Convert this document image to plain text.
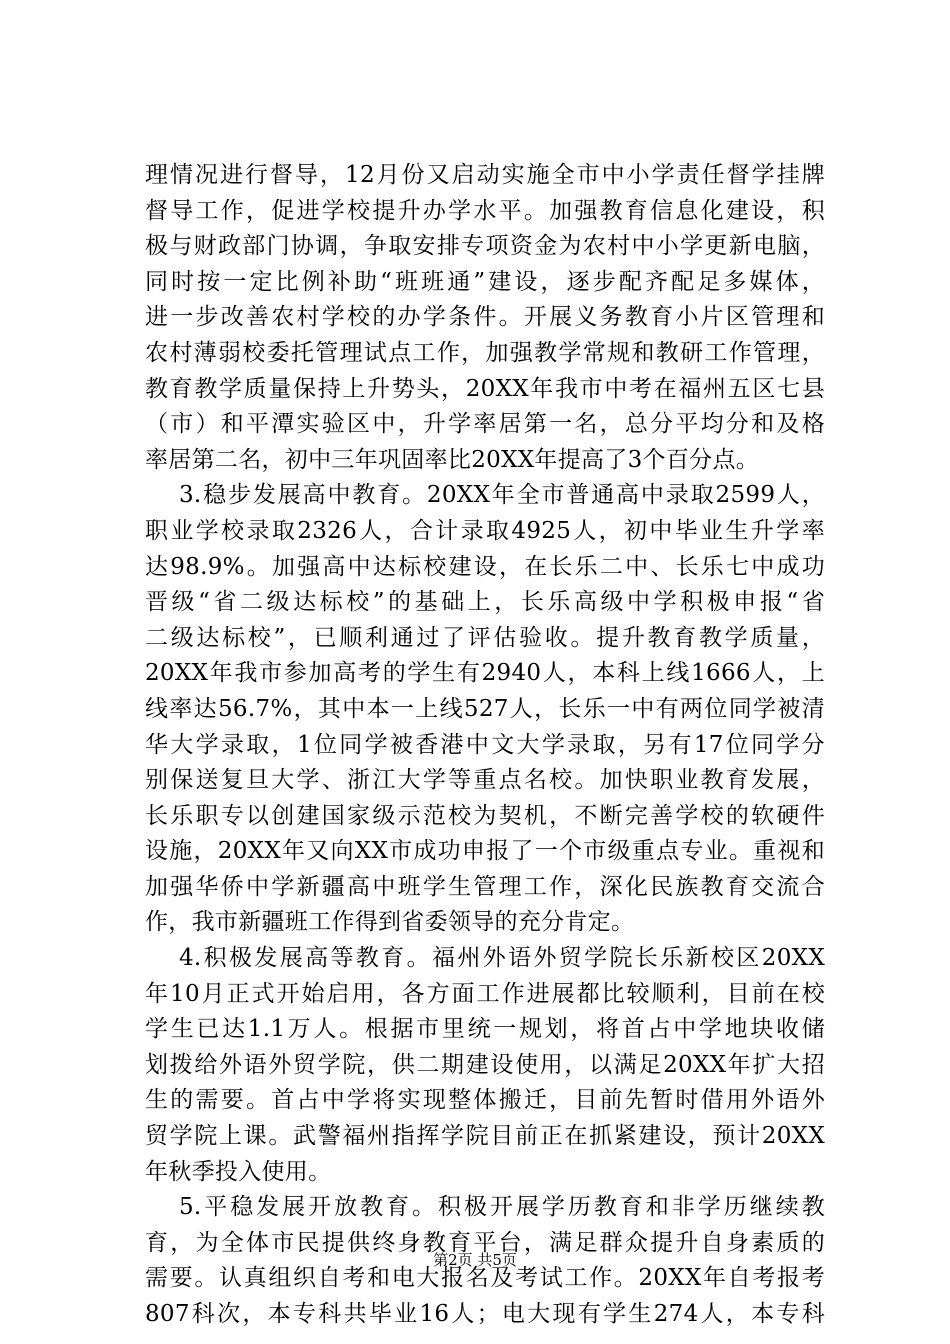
理情况进行督导，12月份又启动实施全市中小学责任督学挂牌
督导工作，促进学校提升办学水平。加强教育信息化建设，积
极与财政部门协调，争取安排专项资金为农村中小学更新电脑，
同时按一定比例补助“班班通”建设，逐步配齐配足多媒体，
进一步改善农村学校的办学条件。开展义务教育小片区管理和
农村薄弱校委托管理试点工作，加强教学常规和教研工作管理，
教育教学质量保持上升势头，20XX年我市中考在福州五区七县
（市）和平潭实验区中，升学率居第一名，总分平均分和及格
率居第二名，初中三年巩固率比20XX年提高了3个百分点。
3.稳步发展高中教育。20XX年全市普通高中录取2599人，
职业学校录取2326人，合计录取4925人，初中毕业生升学率
达98.9%。加强高中达标校建设，在长乐二中、长乐七中成功
晋级“省二级达标校”的基础上，长乐高级中学积极申报“省
二级达标校”，已顺利通过了评估验收。提升教育教学质量，
20XX年我市参加高考的学生有2940人，本科上线1666人，上
线率达56.7%，其中本一上线527人，长乐一中有两位同学被清
华大学录取，1位同学被香港中文大学录取，另有17位同学分
别保送复旦大学、浙江大学等重点名校。加快职业教育发展，
长乐职专以创建国家级示范校为契机，不断完善学校的软硬件
设施，20XX年又向XX市成功申报了一个市级重点专业。重视和
加强华侨中学新疆高中班学生管理工作，深化民族教育交流合
作，我市新疆班工作得到省委领导的充分肯定。
4.积极发展高等教育。福州外语外贸学院长乐新校区20XX
年10月正式开始启用，各方面工作进展都比较顺利，目前在校
学生已达1.1万人。根据市里统一规划，将首占中学地块收储
划拨给外语外贸学院，供二期建设使用，以满足20XX年扩大招
生的需要。首占中学将实现整体搬迁，目前先暂时借用外语外
贸学院上课。武警福州指挥学院目前正在抓紧建设，预计20XX
年秋季投入使用。
5.平稳发展开放教育。积极开展学历教育和非学历继续教
育，为全体市民提供终身教育平台，满足群众提升自身素质的
需要。认真组织自考和电大报名及考试工作。20XX年自考报考
807科次，本专科共毕业16人；电大现有学生274人，本专科
第2页 共5页
